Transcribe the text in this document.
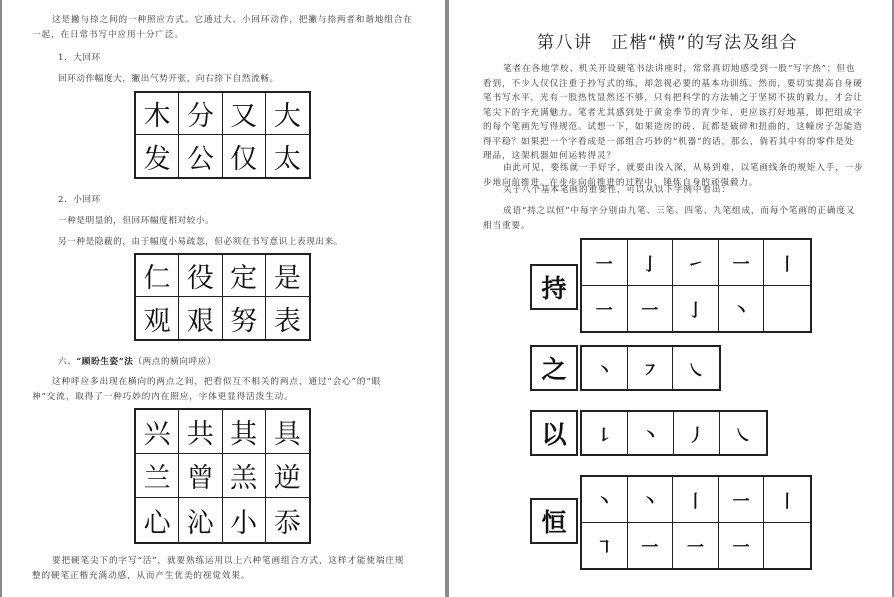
这是撇与捺之间的一种照应方式。它通过大、小回环动作，把撇与捺两者和谐地组合在
一起，在日常书写中应用十分广泛。

1．大回环
回环动作幅度大，撇出气势开张，向右捺下自然流畅。
木 分 又 大
发 公 仅 太
2．小回环
一种是明显的，但回环幅度相对较小。
另一种是隐蔽的，由于幅度小易疏忽，但必须在书写意识上表现出来。
仁 役 定 是
观 艰 努 表
六、“顾盼生姿”法（两点的横向呼应）

这种呼应多出现在横向的两点之间，把看似互不相关的两点，通过“会心”的“眼
神”交流，取得了一种巧妙的内在照应，字体更显得活泼生动。

兴 共 其 具
兰 曾 羔 逆
心 沁 小 忝

要把硬笔尖下的字写“活”，就要熟练运用以上六种笔画组合方式，这样才能使端庄规
整的硬笔正楷充满动感，从而产生优美的视觉效果。

第八讲　正楷“横”的写法及组合

笔者在各地学校、机关开设硬笔书法讲座时，常常真切地感受到一股“写字热”；但也
看到，不少人仅仅注重于抄写式的练，却忽视必要的基本功训练。然而，要切实提高自身硬
笔书写水平，光有一股热忱显然还不够，只有把科学的方法辅之于坚韧不拔的毅力，才会让
笔尖下的字充满魅力。笔者尤其感到处于黄金季节的青少年，更应该打好地基，即把组成字
的每个笔画先写得规范。试想一下，如果造房的砖、瓦都是破碎和扭曲的，这幢房子怎能造
得平稳？如果把一个字看成是一部组合巧妙的“机器”的话，那么，倘若其中有的零件是处
理品，这架机器如何运转得灵？

由此可见，要练就一手好字，就要由浅入深，从易到难，以笔画线条的规矩入手，一步
步地向前推进。在步步向前推进的过程中，锤炼自身的顽强毅力。

关于八个基本笔画的重要性，可以从以下字例中看出：

成语“持之以恒”中每字分别由九笔、三笔、四笔、九笔组成，而每个笔画的正确度又
相当重要。

持
一	亅	㇀	一	丨
一	一	亅	丶
之	丶	㇇	㇏
以	㇙	丶	丿	㇏
恒
丶	丶	丨	一	丨
㇕	一	一	一
